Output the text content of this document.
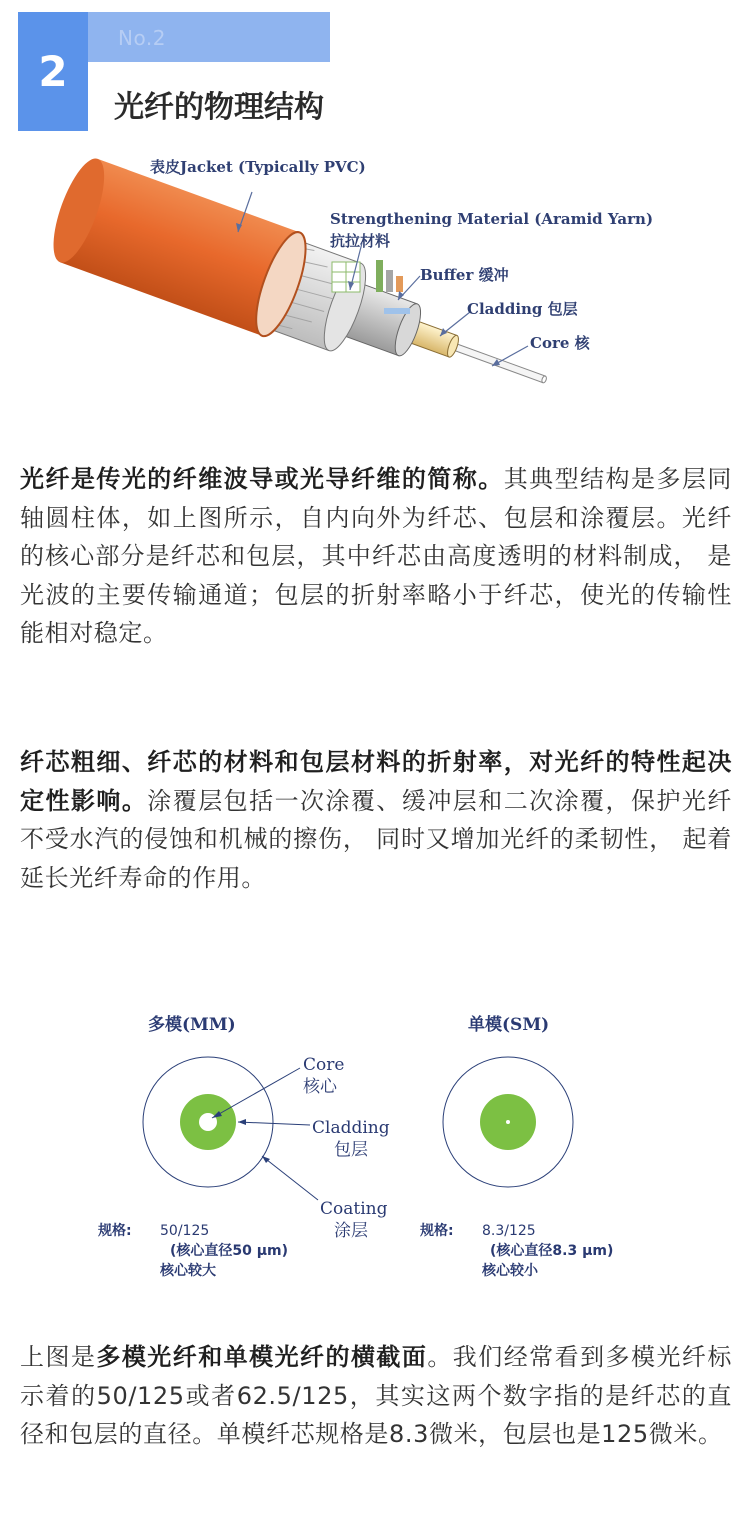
No.2
2
光纤的物理结构
表皮Jacket (Typically PVC)
Strengthening Material (Aramid Yarn)
抗拉材料
Buffer 缓冲
Cladding 包层
Core 核

光纤是传光的纤维波导或光导纤维的简称。其典型结构是多层同轴圆柱体，如上图所示，自内向外为纤芯、包层和涂覆层。光纤的核心部分是纤芯和包层，其中纤芯由高度透明的材料制成， 是光波的主要传输通道；包层的折射率略小于纤芯，使光的传输性能相对稳定。

纤芯粗细、纤芯的材料和包层材料的折射率，对光纤的特性起决定性影响。涂覆层包括一次涂覆、缓冲层和二次涂覆，保护光纤不受水汽的侵蚀和机械的擦伤， 同时又增加光纤的柔韧性， 起着延长光纤寿命的作用。

多模(MM)	单模(SM)
Core
核心
Cladding
包层
Coating
涂层
规格: 50/125
(核心直径50 μm)
核心较大
规格: 8.3/125
(核心直径8.3 μm)
核心较小

上图是多模光纤和单模光纤的横截面。我们经常看到多模光纤标示着的50/125或者62.5/125，其实这两个数字指的是纤芯的直径和包层的直径。单模纤芯规格是8.3微米，包层也是125微米。
